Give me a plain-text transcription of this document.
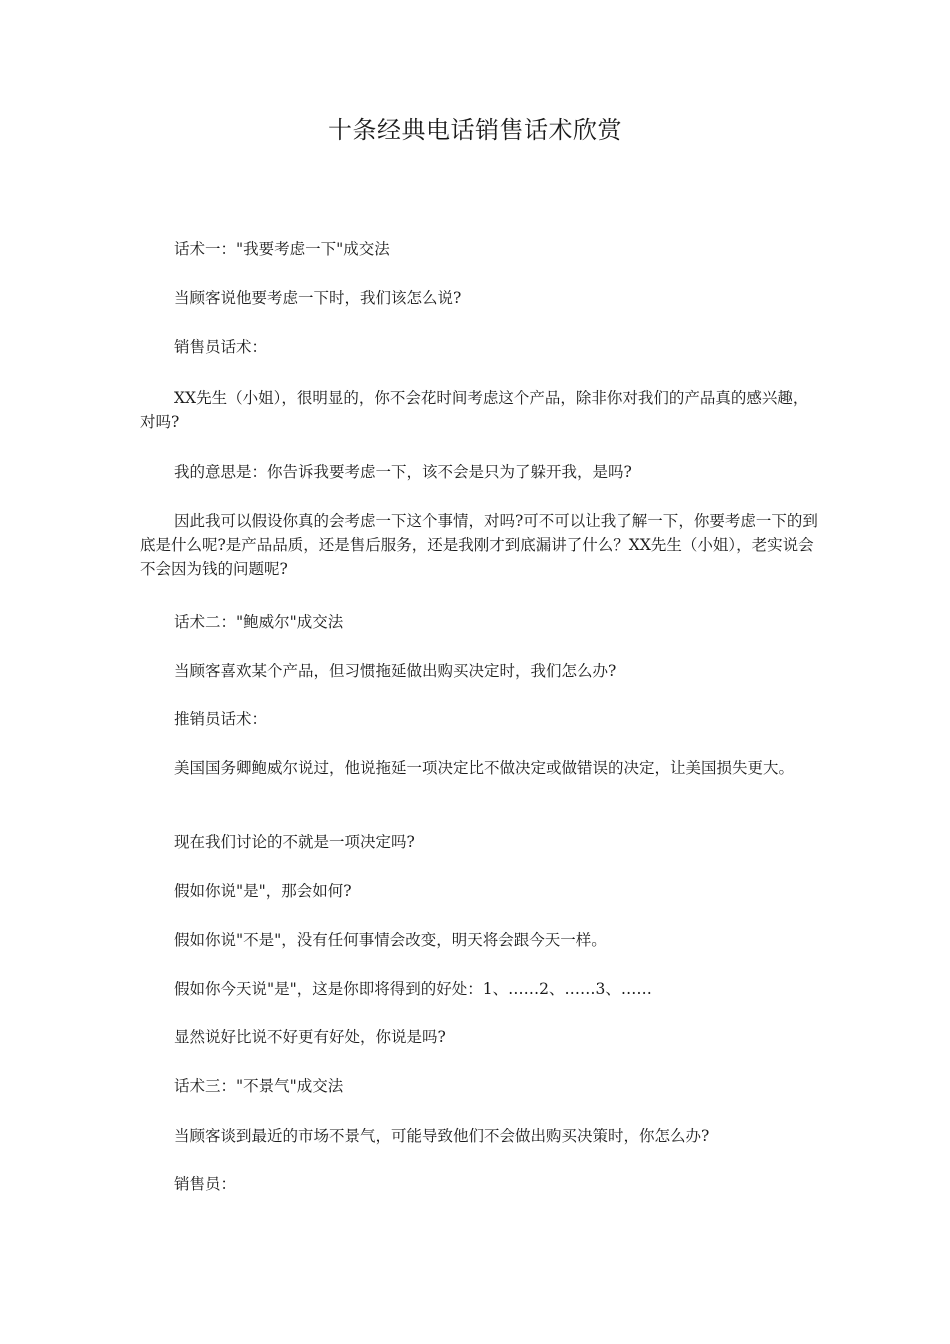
十条经典电话销售话术欣赏

话术一："我要考虑一下"成交法

当顾客说他要考虑一下时，我们该怎么说?

销售员话术：

XX先生（小姐），很明显的，你不会花时间考虑这个产品，除非你对我们的产品真的感兴趣，对吗?

我的意思是：你告诉我要考虑一下，该不会是只为了躲开我，是吗?

因此我可以假设你真的会考虑一下这个事情，对吗?可不可以让我了解一下，你要考虑一下的到底是什么呢?是产品品质，还是售后服务，还是我刚才到底漏讲了什么？XX先生（小姐），老实说会不会因为钱的问题呢?

话术二："鲍威尔"成交法

当顾客喜欢某个产品，但习惯拖延做出购买决定时，我们怎么办?

推销员话术：

美国国务卿鲍威尔说过，他说拖延一项决定比不做决定或做错误的决定，让美国损失更大。

现在我们讨论的不就是一项决定吗?

假如你说"是"，那会如何?

假如你说"不是"，没有任何事情会改变，明天将会跟今天一样。

假如你今天说"是"，这是你即将得到的好处：1、……2、……3、……

显然说好比说不好更有好处，你说是吗?

话术三："不景气"成交法

当顾客谈到最近的市场不景气，可能导致他们不会做出购买决策时，你怎么办?

销售员：
